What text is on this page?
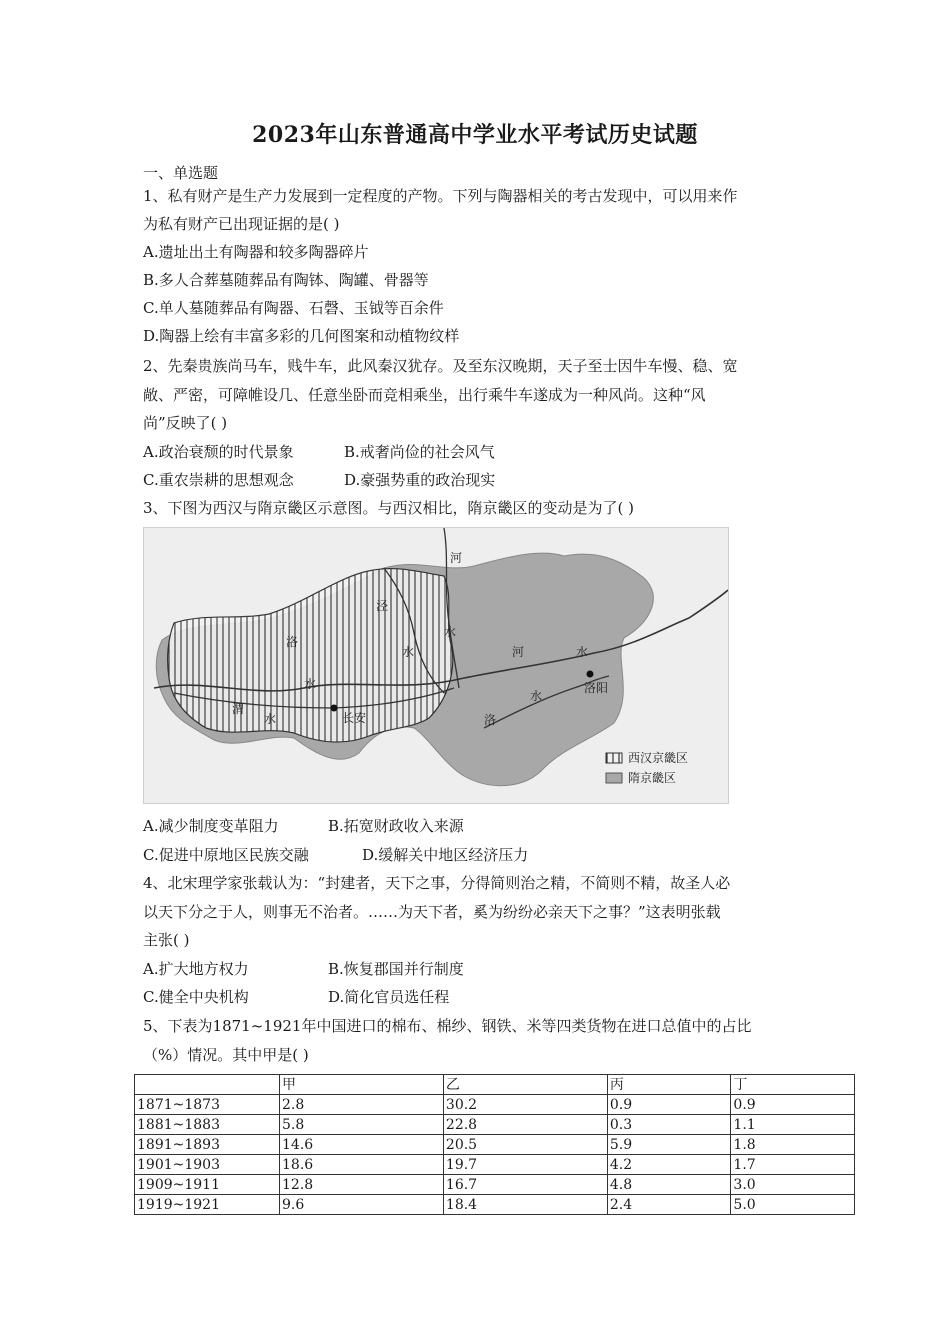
2023年山东普通高中学业水平考试历史试题
一、单选题
1、私有财产是生产力发展到一定程度的产物。下列与陶器相关的考古发现中，可以用来作
为私有财产已出现证据的是( )
A.遗址出土有陶器和较多陶器碎片
B.多人合葬墓随葬品有陶钵、陶罐、骨器等
C.单人墓随葬品有陶器、石磬、玉钺等百余件
D.陶器上绘有丰富多彩的几何图案和动植物纹样
2、先秦贵族尚马车，贱牛车，此风秦汉犹存。及至东汉晚期，天子至士因牛车慢、稳、宽
敞、严密，可障帷设几、任意坐卧而竞相乘坐，出行乘牛车遂成为一种风尚。这种“风
尚”反映了( )
A.政治衰颓的时代景象	B.戒奢尚俭的社会风气
C.重农崇耕的思想观念	D.豪强势重的政治现实
3、下图为西汉与隋京畿区示意图。与西汉相比，隋京畿区的变动是为了( )
河
泾
水
水	河	水
洛
水
渭
水	洛
水
长安
洛阳
西汉京畿区
隋京畿区
A.减少制度变革阻力	B.拓宽财政收入来源
C.促进中原地区民族交融	D.缓解关中地区经济压力
4、北宋理学家张载认为：“封建者，天下之事，分得简则治之精，不简则不精，故圣人必
以天下分之于人，则事无不治者。……为天下者，奚为纷纷必亲天下之事？”这表明张载
主张( )
A.扩大地方权力	B.恢复郡国并行制度
C.健全中央机构	D.简化官员选任程
5、下表为1871~1921年中国进口的棉布、棉纱、钢铁、米等四类货物在进口总值中的占比
（%）情况。其中甲是( )
	甲	乙	丙	丁
1871~1873	2.8	30.2	0.9	0.9
1881~1883	5.8	22.8	0.3	1.1
1891~1893	14.6	20.5	5.9	1.8
1901~1903	18.6	19.7	4.2	1.7
1909~1911	12.8	16.7	4.8	3.0
1919~1921	9.6	18.4	2.4	5.0
